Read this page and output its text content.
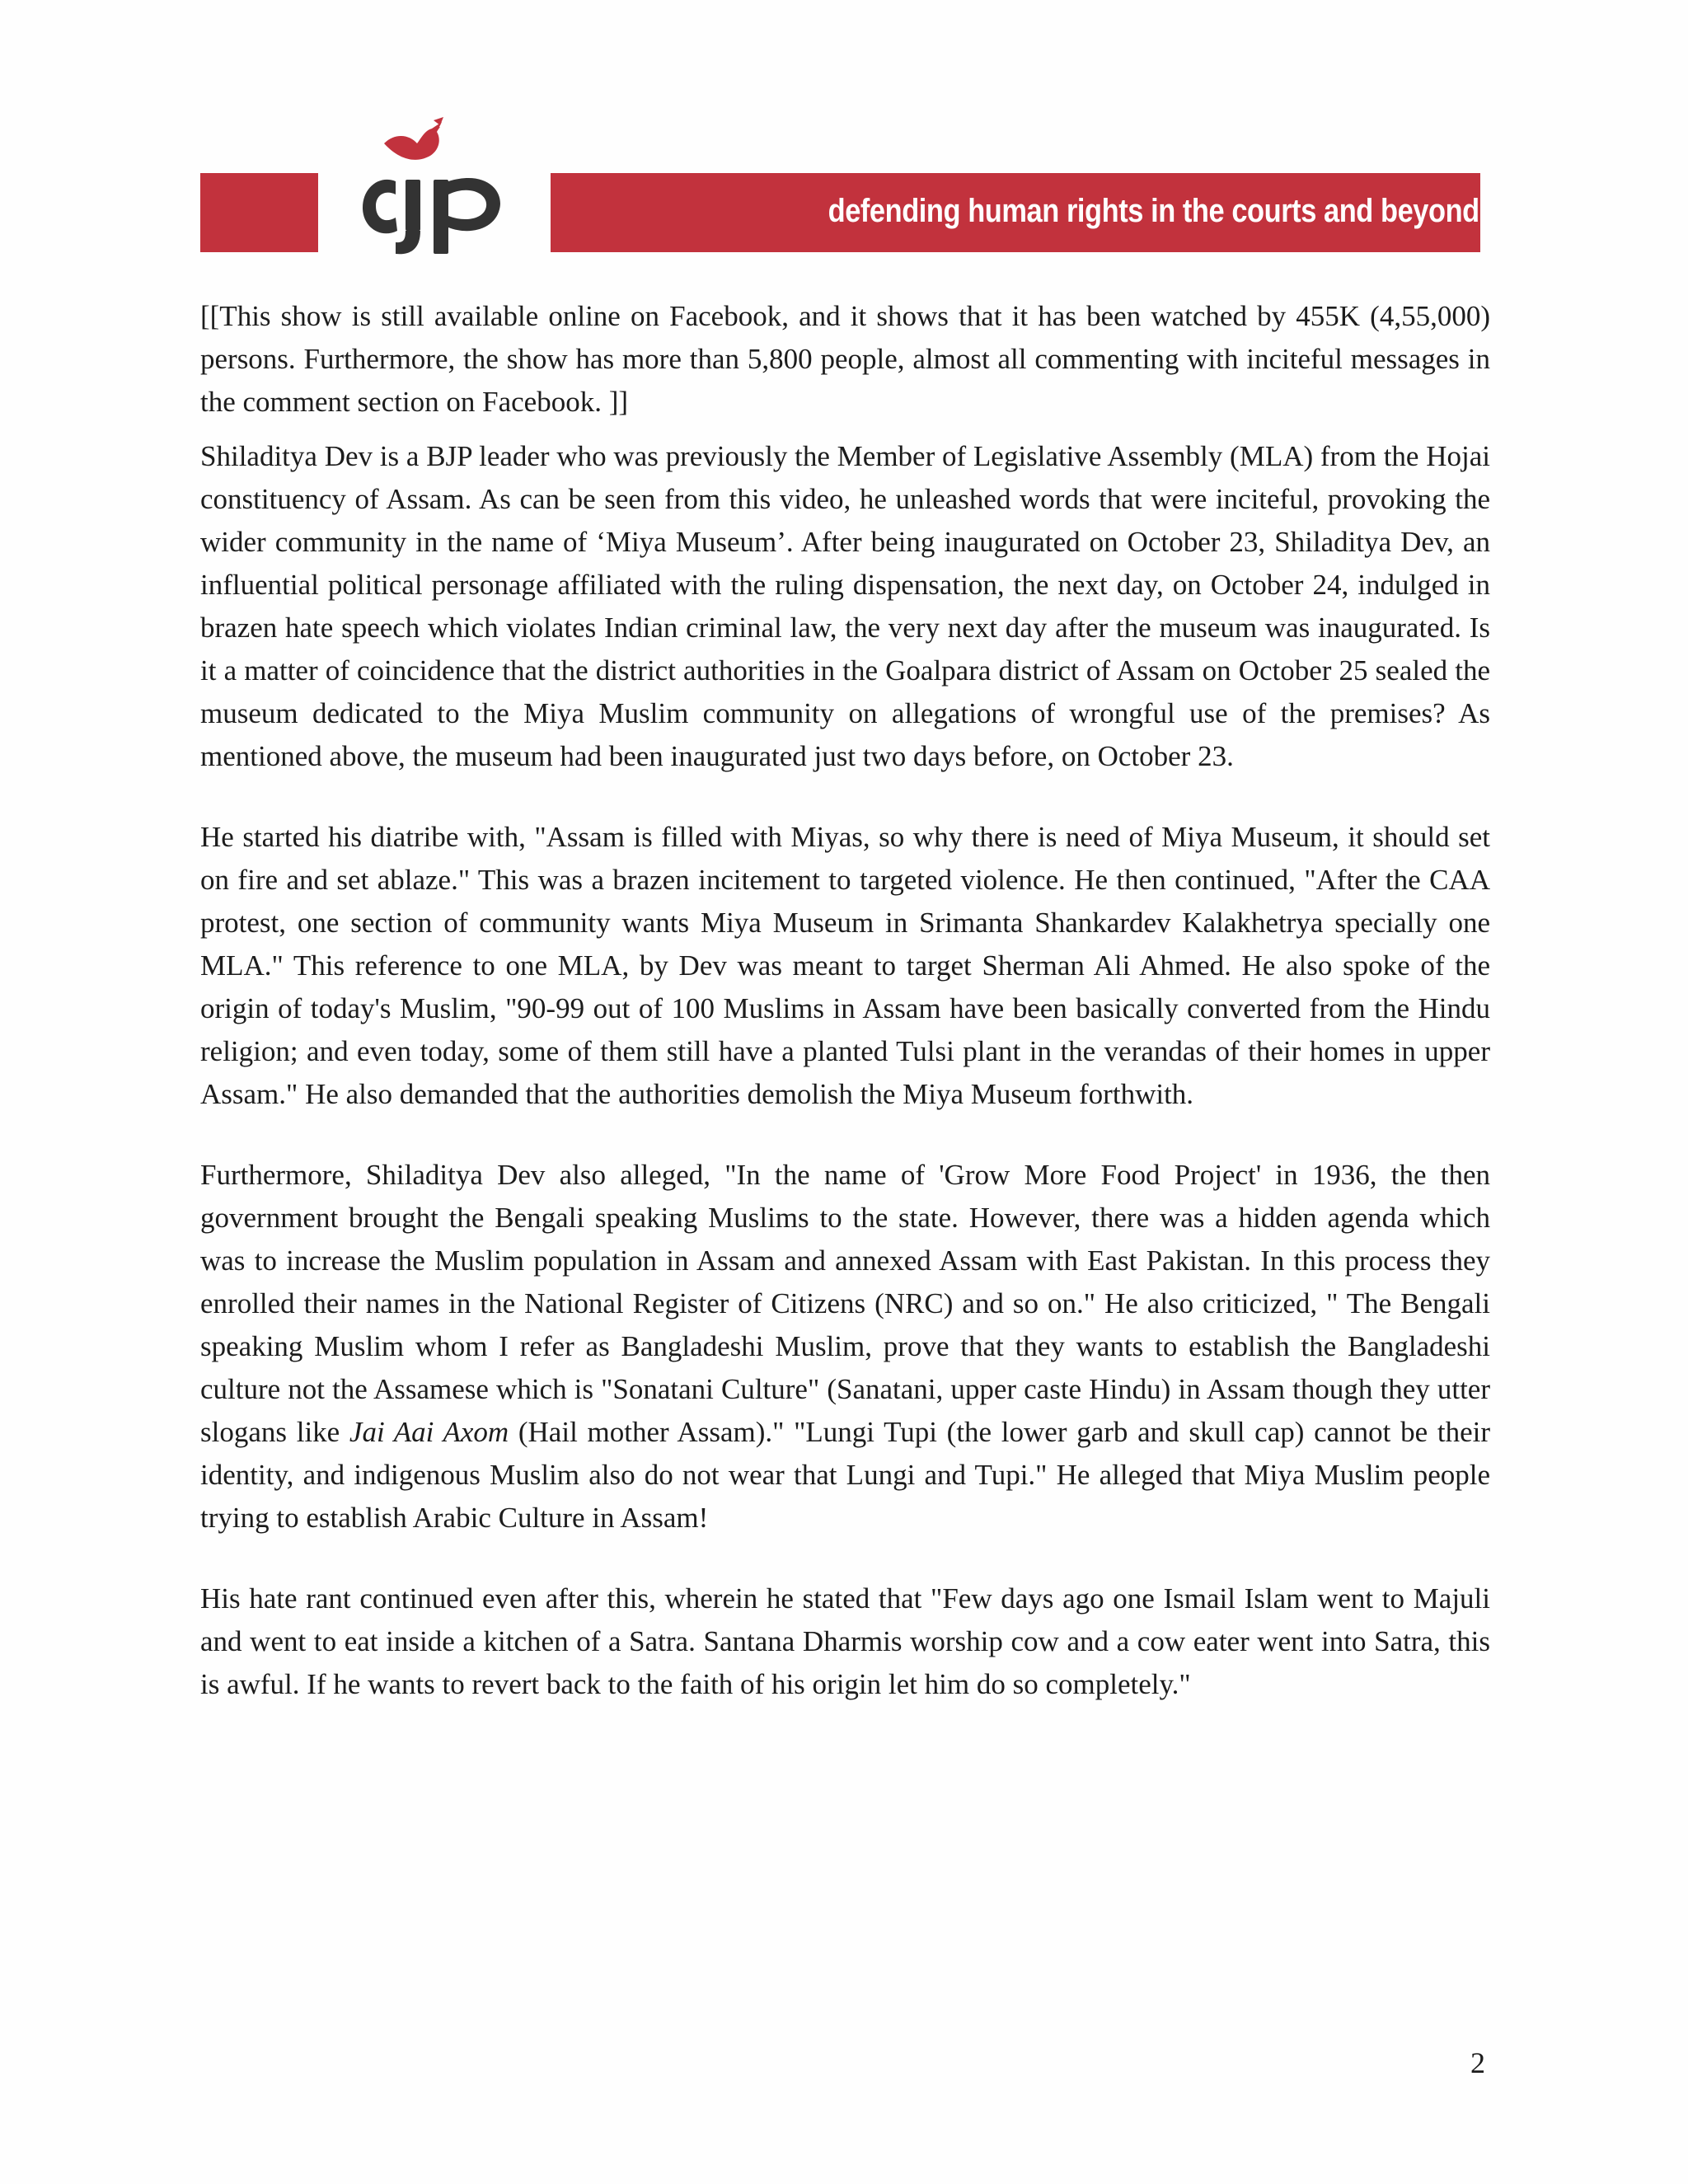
defending human rights in the courts and beyond

[[This show is still available online on Facebook, and it shows that it has been watched by 455K (4,55,000) persons. Furthermore, the show has more than 5,800 people, almost all commenting with inciteful messages in the comment section on Facebook. ]]

Shiladitya Dev is a BJP leader who was previously the Member of Legislative Assembly (MLA) from the Hojai constituency of Assam. As can be seen from this video, he unleashed words that were inciteful, provoking the wider community in the name of ‘Miya Museum’. After being inaugurated on October 23, Shiladitya Dev, an influential political personage affiliated with the ruling dispensation, the next day, on October 24, indulged in brazen hate speech which violates Indian criminal law, the very next day after the museum was inaugurated. Is it a matter of coincidence that the district authorities in the Goalpara district of Assam on October 25 sealed the museum dedicated to the Miya Muslim community on allegations of wrongful use of the premises? As mentioned above, the museum had been inaugurated just two days before, on October 23.

He started his diatribe with, "Assam is filled with Miyas, so why there is need of Miya Museum, it should set on fire and set ablaze." This was a brazen incitement to targeted violence. He then continued, "After the CAA protest, one section of community wants Miya Museum in Srimanta Shankardev Kalakhetrya specially one MLA." This reference to one MLA, by Dev was meant to target Sherman Ali Ahmed. He also spoke of the origin of today's Muslim, "90-99 out of 100 Muslims in Assam have been basically converted from the Hindu religion; and even today, some of them still have a planted Tulsi plant in the verandas of their homes in upper Assam." He also demanded that the authorities demolish the Miya Museum forthwith.

Furthermore, Shiladitya Dev also alleged, "In the name of 'Grow More Food Project' in 1936, the then government brought the Bengali speaking Muslims to the state. However, there was a hidden agenda which was to increase the Muslim population in Assam and annexed Assam with East Pakistan. In this process they enrolled their names in the National Register of Citizens (NRC) and so on." He also criticized, " The Bengali speaking Muslim whom I refer as Bangladeshi Muslim, prove that they wants to establish the Bangladeshi culture not the Assamese which is "Sonatani Culture" (Sanatani, upper caste Hindu) in Assam though they utter slogans like Jai Aai Axom (Hail mother Assam)." "Lungi Tupi (the lower garb and skull cap) cannot be their identity, and indigenous Muslim also do not wear that Lungi and Tupi." He alleged that Miya Muslim people trying to establish Arabic Culture in Assam!

His hate rant continued even after this, wherein he stated that "Few days ago one Ismail Islam went to Majuli and went to eat inside a kitchen of a Satra. Santana Dharmis worship cow and a cow eater went into Satra, this is awful. If he wants to revert back to the faith of his origin let him do so completely."

2
